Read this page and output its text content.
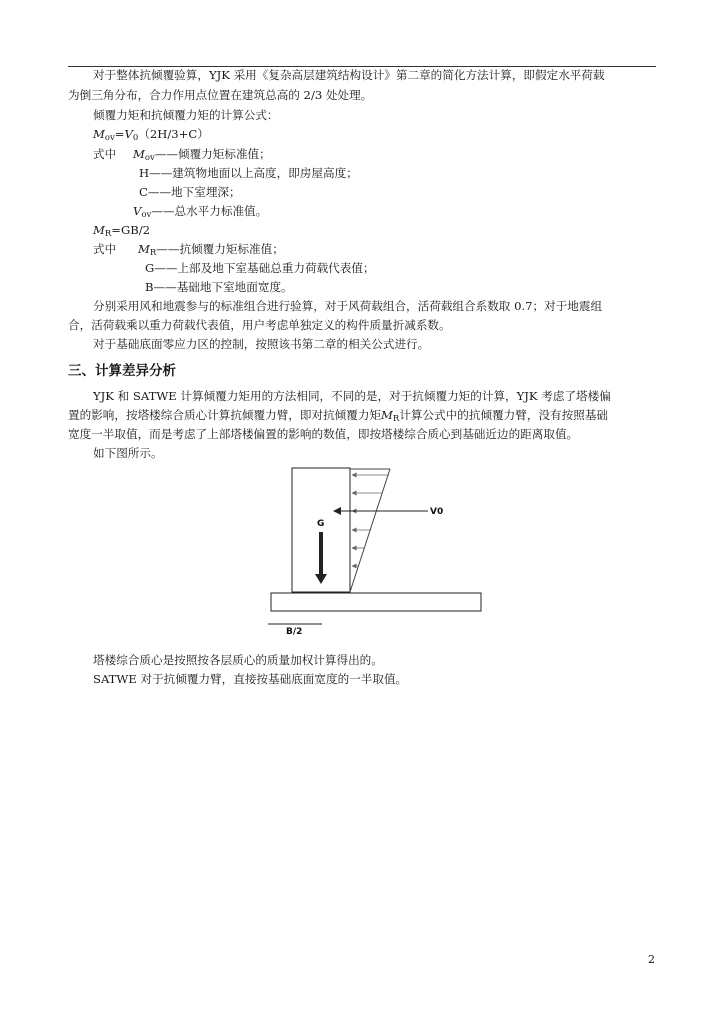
对于整体抗倾覆验算，YJK 采用《复杂高层建筑结构设计》第二章的简化方法计算，即假定水平荷载
为倒三角分布，合力作用点位置在建筑总高的 2/3 处处理。
倾覆力矩和抗倾覆力矩的计算公式：
Mov=V0（2H/3+C）
式中 Mov——倾覆力矩标准值；
H——建筑物地面以上高度，即房屋高度；
C——地下室埋深；
Vov——总水平力标准值。
MR=GB/2
式中 MR——抗倾覆力矩标准值；
G——上部及地下室基础总重力荷载代表值；
B——基础地下室地面宽度。
分别采用风和地震参与的标准组合进行验算，对于风荷载组合，活荷载组合系数取 0.7；对于地震组
合，活荷载乘以重力荷载代表值，用户考虑单独定义的构件质量折减系数。
对于基础底面零应力区的控制，按照该书第二章的相关公式进行。
三、计算差异分析
YJK 和 SATWE 计算倾覆力矩用的方法相同，不同的是，对于抗倾覆力矩的计算，YJK 考虑了塔楼偏
置的影响，按塔楼综合质心计算抗倾覆力臂，即对抗倾覆力矩MR计算公式中的抗倾覆力臂，没有按照基础
宽度一半取值，而是考虑了上部塔楼偏置的影响的数值，即按塔楼综合质心到基础近边的距离取值。
如下图所示。
V0
G
B/2
塔楼综合质心是按照按各层质心的质量加权计算得出的。
SATWE 对于抗倾覆力臂，直接按基础底面宽度的一半取值。
2
